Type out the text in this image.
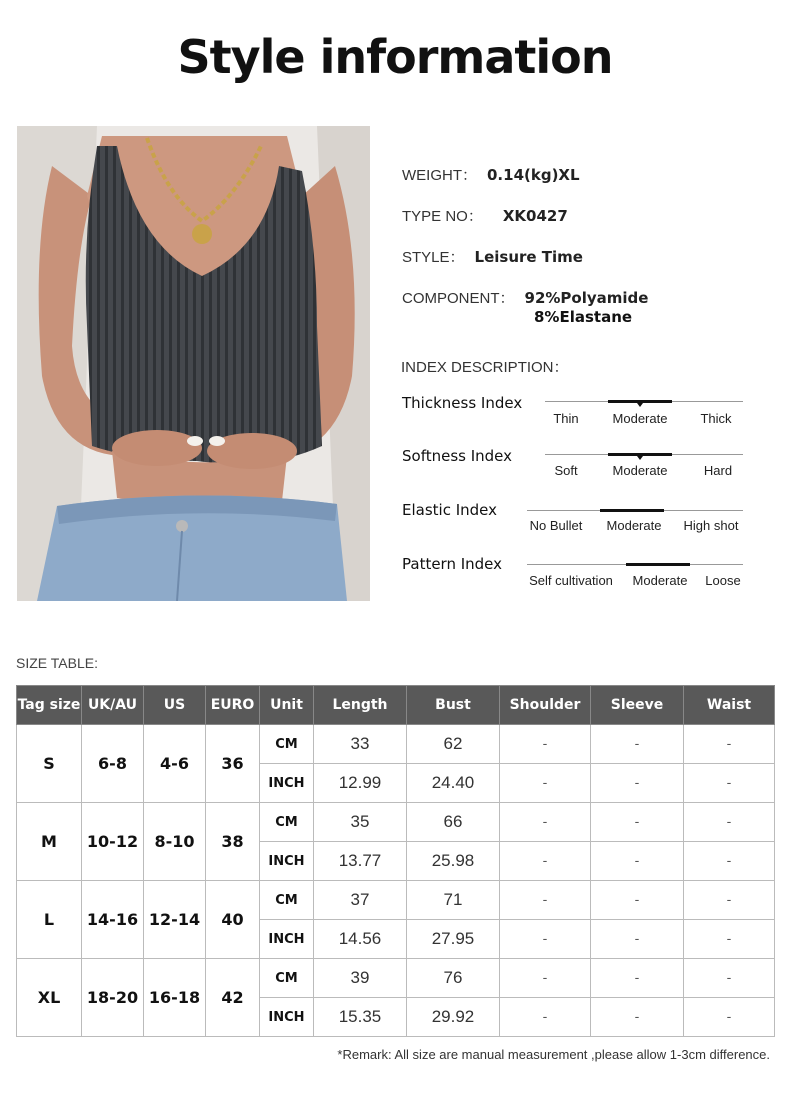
Style information
WEIGHT： 0.14(kg)XL
TYPE NO： XK0427
STYLE： Leisure Time
COMPONENT： 92%Polyamide
8%Elastane
INDEX DESCRIPTION：
Thickness Index
Thin	Moderate	Thick
Softness Index
Soft	Moderate	Hard
Elastic Index
No Bullet	Moderate	High shot
Pattern Index
Self cultivation	Moderate	Loose
SIZE TABLE:
Tag size	UK/AU	US	EURO	Unit	Length	Bust	Shoulder	Sleeve	Waist
S	6-8	4-6	36	CM	33	62	-	-	-
				INCH	12.99	24.40	-	-	-
M	10-12	8-10	38	CM	35	66	-	-	-
				INCH	13.77	25.98	-	-	-
L	14-16	12-14	40	CM	37	71	-	-	-
				INCH	14.56	27.95	-	-	-
XL	18-20	16-18	42	CM	39	76	-	-	-
				INCH	15.35	29.92	-	-	-
*Remark: All size are manual measurement ,please allow 1-3cm difference.
